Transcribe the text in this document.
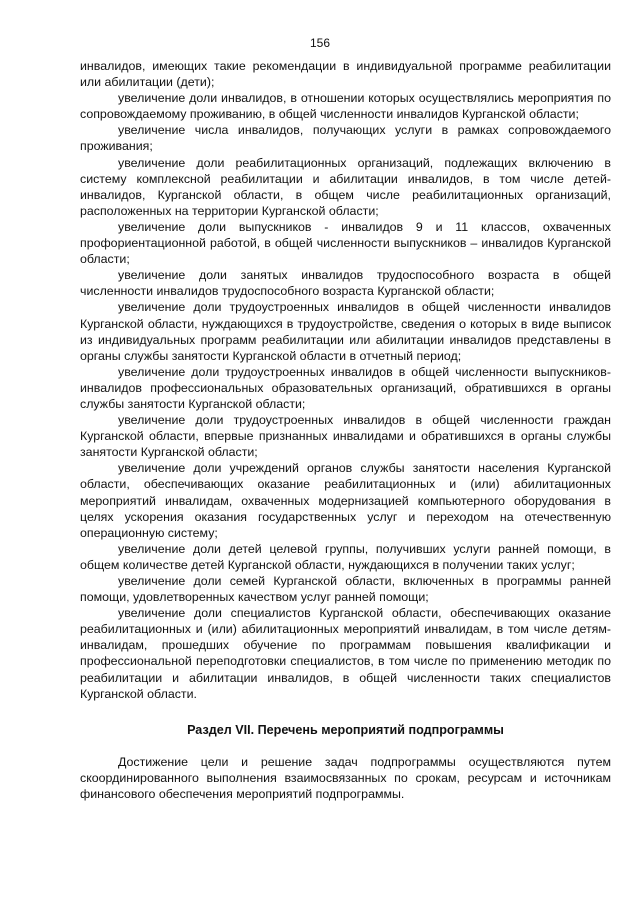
156

инвалидов, имеющих такие рекомендации в индивидуальной программе реабилитации или абилитации (дети);

увеличение доли инвалидов, в отношении которых осуществлялись мероприятия по сопровождаемому проживанию, в общей численности инвалидов Курганской области;

увеличение числа инвалидов, получающих услуги в рамках сопровождаемого проживания;

увеличение доли реабилитационных организаций, подлежащих включению в систему комплексной реабилитации и абилитации инвалидов, в том числе детей-инвалидов, Курганской области, в общем числе реабилитационных организаций, расположенных на территории Курганской области;

увеличение доли выпускников - инвалидов 9 и 11 классов, охваченных профориентационной работой, в общей численности выпускников – инвалидов Курганской области;

увеличение доли занятых инвалидов трудоспособного возраста в общей численности инвалидов трудоспособного возраста Курганской области;

увеличение доли трудоустроенных инвалидов в общей численности инвалидов Курганской области, нуждающихся в трудоустройстве, сведения о которых в виде выписок из индивидуальных программ реабилитации или абилитации инвалидов представлены в органы службы занятости Курганской области в отчетный период;

увеличение доли трудоустроенных инвалидов в общей численности выпускников-инвалидов профессиональных образовательных организаций, обратившихся в органы службы занятости Курганской области;

увеличение доли трудоустроенных инвалидов в общей численности граждан Курганской области, впервые признанных инвалидами и обратившихся в органы службы занятости Курганской области;

увеличение доли учреждений органов службы занятости населения Курганской области, обеспечивающих оказание реабилитационных и (или) абилитационных мероприятий инвалидам, охваченных модернизацией компьютерного оборудования в целях ускорения оказания государственных услуг и переходом на отечественную операционную систему;

увеличение доли детей целевой группы, получивших услуги ранней помощи, в общем количестве детей Курганской области, нуждающихся в получении таких услуг;

увеличение доли семей Курганской области, включенных в программы ранней помощи, удовлетворенных качеством услуг ранней помощи;

увеличение доли специалистов Курганской области, обеспечивающих оказание реабилитационных и (или) абилитационных мероприятий инвалидам, в том числе детям-инвалидам, прошедших обучение по программам повышения квалификации и профессиональной переподготовки специалистов, в том числе по применению методик по реабилитации и абилитации инвалидов, в общей численности таких специалистов Курганской области.

Раздел VII. Перечень мероприятий подпрограммы

Достижение цели и решение задач подпрограммы осуществляются путем скоординированного выполнения взаимосвязанных по срокам, ресурсам и источникам финансового обеспечения мероприятий подпрограммы.
